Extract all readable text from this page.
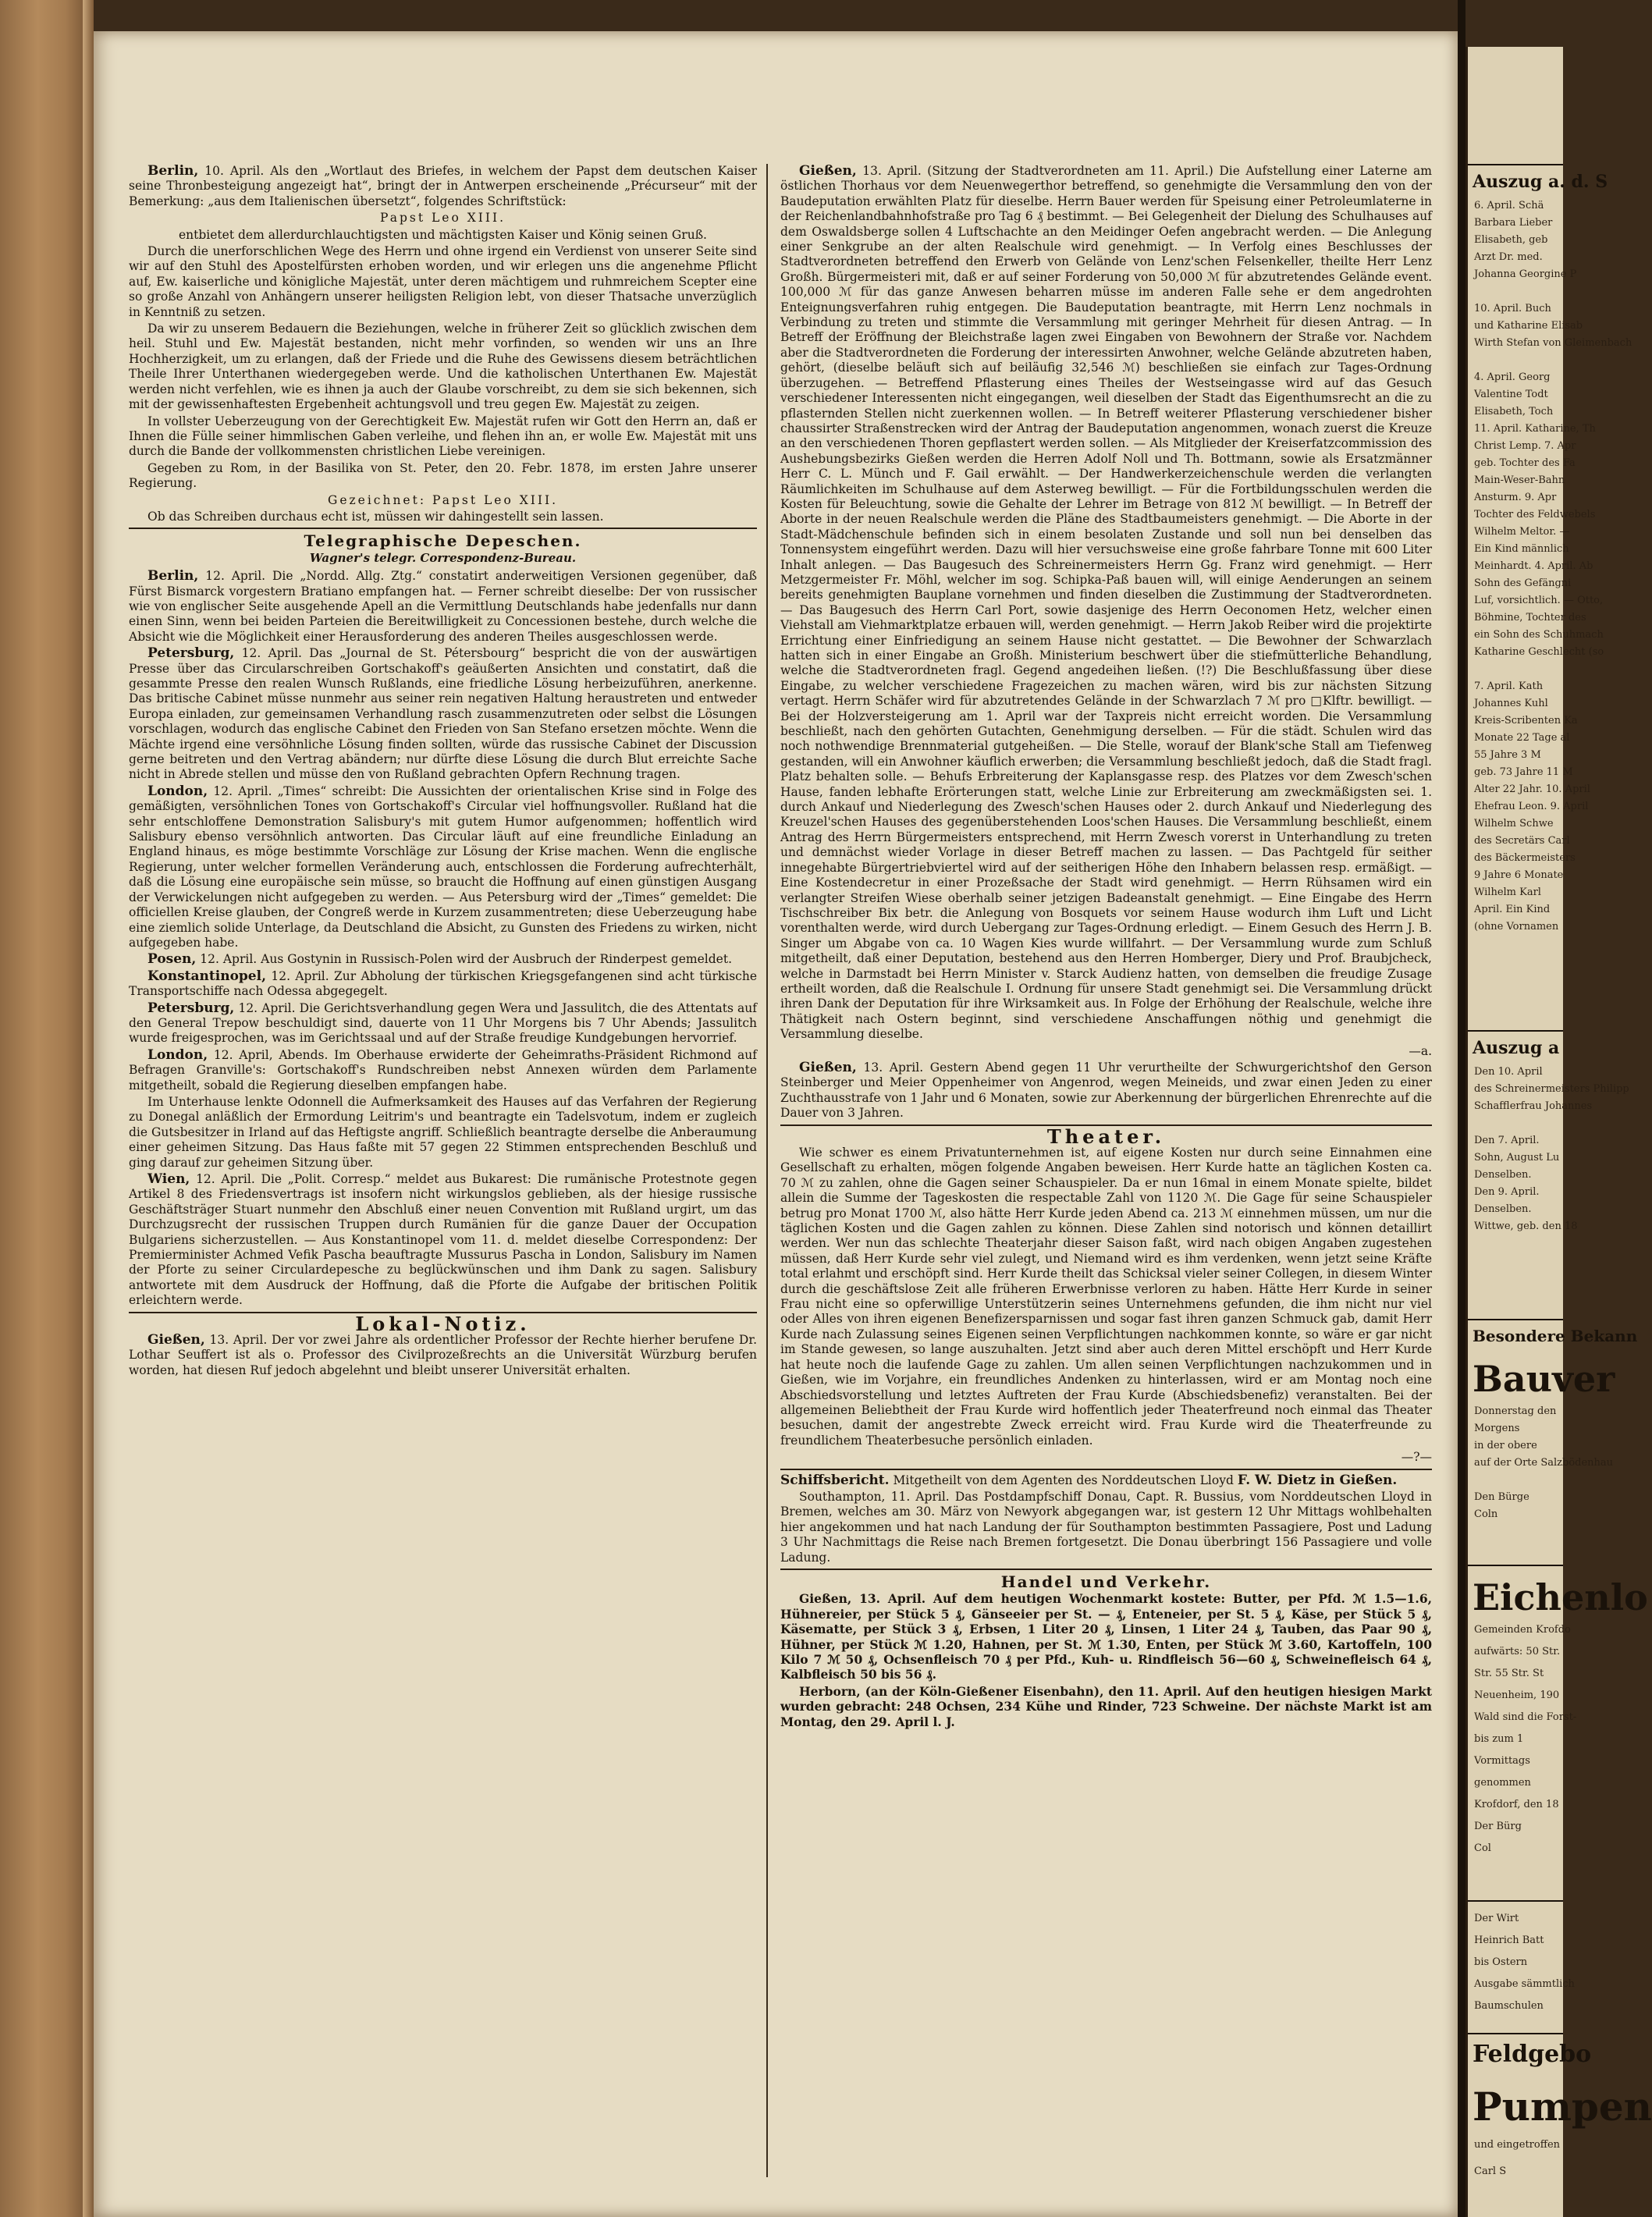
Berlin, 10. April. Als den „Wortlaut des Briefes, in welchem der Papst dem deutschen Kaiser seine Thronbesteigung angezeigt hat“, bringt der in Antwerpen erscheinende „Précurseur“ mit der Bemerkung: „aus dem Italienischen übersetzt“, folgendes Schriftstück:

Papst Leo XIII.

entbietet dem allerdurchlauchtigsten und mächtigsten Kaiser und König seinen Gruß.

Durch die unerforschlichen Wege des Herrn und ohne irgend ein Verdienst von unserer Seite sind wir auf den Stuhl des Apostelfürsten erhoben worden, und wir erlegen uns die angenehme Pflicht auf, Ew. kaiserliche und königliche Majestät, unter deren mächtigem und ruhmreichem Scepter eine so große Anzahl von Anhängern unserer heiligsten Religion lebt, von dieser Thatsache unverzüglich in Kenntniß zu setzen.

Da wir zu unserem Bedauern die Beziehungen, welche in früherer Zeit so glücklich zwischen dem heil. Stuhl und Ew. Majestät bestanden, nicht mehr vorfinden, so wenden wir uns an Ihre Hochherzigkeit, um zu erlangen, daß der Friede und die Ruhe des Gewissens diesem beträchtlichen Theile Ihrer Unterthanen wiedergegeben werde. Und die katholischen Unterthanen Ew. Majestät werden nicht verfehlen, wie es ihnen ja auch der Glaube vorschreibt, zu dem sie sich bekennen, sich mit der gewissenhaftesten Ergebenheit achtungsvoll und treu gegen Ew. Majestät zu zeigen.

In vollster Ueberzeugung von der Gerechtigkeit Ew. Majestät rufen wir Gott den Herrn an, daß er Ihnen die Fülle seiner himmlischen Gaben verleihe, und flehen ihn an, er wolle Ew. Majestät mit uns durch die Bande der vollkommensten christlichen Liebe vereinigen.

Gegeben zu Rom, in der Basilika von St. Peter, den 20. Febr. 1878, im ersten Jahre unserer Regierung.

Gezeichnet: Papst Leo XIII.

Ob das Schreiben durchaus echt ist, müssen wir dahingestellt sein lassen.

Telegraphische Depeschen.
Wagner's telegr. Correspondenz-Bureau.

Berlin, 12. April. Die „Nordd. Allg. Ztg.“ constatirt anderweitigen Versionen gegenüber, daß Fürst Bismarck vorgestern Bratiano empfangen hat. — Ferner schreibt dieselbe: Der von russischer wie von englischer Seite ausgehende Apell an die Vermittlung Deutschlands habe jedenfalls nur dann einen Sinn, wenn bei beiden Parteien die Bereitwilligkeit zu Concessionen bestehe, durch welche die Absicht wie die Möglichkeit einer Herausforderung des anderen Theiles ausgeschlossen werde.

Petersburg, 12. April. Das „Journal de St. Pétersbourg“ bespricht die von der auswärtigen Presse über das Circularschreiben Gortschakoff's geäußerten Ansichten und constatirt, daß die gesammte Presse den realen Wunsch Rußlands, eine friedliche Lösung herbeizuführen, anerkenne. Das britische Cabinet müsse nunmehr aus seiner rein negativen Haltung heraustreten und entweder Europa einladen, zur gemeinsamen Verhandlung rasch zusammenzutreten oder selbst die Lösungen vorschlagen, wodurch das englische Cabinet den Frieden von San Stefano ersetzen möchte. Wenn die Mächte irgend eine versöhnliche Lösung finden sollten, würde das russische Cabinet der Discussion gerne beitreten und den Vertrag abändern; nur dürfte diese Lösung die durch Blut erreichte Sache nicht in Abrede stellen und müsse den von Rußland gebrachten Opfern Rechnung tragen.

London, 12. April. „Times“ schreibt: Die Aussichten der orientalischen Krise sind in Folge des gemäßigten, versöhnlichen Tones von Gortschakoff's Circular viel hoffnungsvoller. Rußland hat die sehr entschloffene Demonstration Salisbury's mit gutem Humor aufgenommen; hoffentlich wird Salisbury ebenso versöhnlich antworten. Das Circular läuft auf eine freundliche Einladung an England hinaus, es möge bestimmte Vorschläge zur Lösung der Krise machen. Wenn die englische Regierung, unter welcher formellen Veränderung auch, entschlossen die Forderung aufrechterhält, daß die Lösung eine europäische sein müsse, so braucht die Hoffnung auf einen günstigen Ausgang der Verwickelungen nicht aufgegeben zu werden. — Aus Petersburg wird der „Times“ gemeldet: Die officiellen Kreise glauben, der Congreß werde in Kurzem zusammentreten; diese Ueberzeugung habe eine ziemlich solide Unterlage, da Deutschland die Absicht, zu Gunsten des Friedens zu wirken, nicht aufgegeben habe.

Posen, 12. April. Aus Gostynin in Russisch-Polen wird der Ausbruch der Rinderpest gemeldet.

Konstantinopel, 12. April. Zur Abholung der türkischen Kriegsgefangenen sind acht türkische Transportschiffe nach Odessa abgegegelt.

Petersburg, 12. April. Die Gerichtsverhandlung gegen Wera und Jassulitch, die des Attentats auf den General Trepow beschuldigt sind, dauerte von 11 Uhr Morgens bis 7 Uhr Abends; Jassulitch wurde freigesprochen, was im Gerichtssaal und auf der Straße freudige Kundgebungen hervorrief.

London, 12. April, Abends. Im Oberhause erwiderte der Geheimraths-Präsident Richmond auf Befragen Granville's: Gortschakoff's Rundschreiben nebst Annexen würden dem Parlamente mitgetheilt, sobald die Regierung dieselben empfangen habe.

Im Unterhause lenkte Odonnell die Aufmerksamkeit des Hauses auf das Verfahren der Regierung zu Donegal anläßlich der Ermordung Leitrim's und beantragte ein Tadelsvotum, indem er zugleich die Gutsbesitzer in Irland auf das Heftigste angriff. Schließlich beantragte derselbe die Anberaumung einer geheimen Sitzung. Das Haus faßte mit 57 gegen 22 Stimmen entsprechenden Beschluß und ging darauf zur geheimen Sitzung über.

Wien, 12. April. Die „Polit. Corresp.“ meldet aus Bukarest: Die rumänische Protestnote gegen Artikel 8 des Friedensvertrags ist insofern nicht wirkungslos geblieben, als der hiesige russische Geschäftsträger Stuart nunmehr den Abschluß einer neuen Convention mit Rußland urgirt, um das Durchzugsrecht der russischen Truppen durch Rumänien für die ganze Dauer der Occupation Bulgariens sicherzustellen. — Aus Konstantinopel vom 11. d. meldet dieselbe Correspondenz: Der Premierminister Achmed Vefik Pascha beauftragte Mussurus Pascha in London, Salisbury im Namen der Pforte zu seiner Circulardepesche zu beglückwünschen und ihm Dank zu sagen. Salisbury antwortete mit dem Ausdruck der Hoffnung, daß die Pforte die Aufgabe der britischen Politik erleichtern werde.

Lokal-Notiz.

Gießen, 13. April. Der vor zwei Jahre als ordentlicher Professor der Rechte hierher berufene Dr. Lothar Seuffert ist als o. Professor des Civilprozeßrechts an die Universität Würzburg berufen worden, hat diesen Ruf jedoch abgelehnt und bleibt unserer Universität erhalten.

Gießen, 13. April. (Sitzung der Stadtverordneten am 11. April.) Die Aufstellung einer Laterne am östlichen Thorhaus vor dem Neuenwegerthor betreffend, so genehmigte die Versammlung den von der Baudeputation erwählten Platz für dieselbe. Herrn Bauer werden für Speisung einer Petroleumlaterne in der Reichenlandbahnhofstraße pro Tag 6 ₰ bestimmt. — Bei Gelegenheit der Dielung des Schulhauses auf dem Oswaldsberge sollen 4 Luftschachte an den Meidinger Oefen angebracht werden. — Die Anlegung einer Senkgrube an der alten Realschule wird genehmigt. — In Verfolg eines Beschlusses der Stadtverordneten betreffend den Erwerb von Gelände von Lenz'schen Felsenkeller, theilte Herr Lenz Großh. Bürgermeisteri mit, daß er auf seiner Forderung von 50,000 ℳ für abzutretendes Gelände event. 100,000 ℳ für das ganze Anwesen beharren müsse im anderen Falle sehe er dem angedrohten Enteignungsverfahren ruhig entgegen. Die Baudeputation beantragte, mit Herrn Lenz nochmals in Verbindung zu treten und stimmte die Versammlung mit geringer Mehrheit für diesen Antrag. — In Betreff der Eröffnung der Bleichstraße lagen zwei Eingaben von Bewohnern der Straße vor. Nachdem aber die Stadtverordneten die Forderung der interessirten Anwohner, welche Gelände abzutreten haben, gehört, (dieselbe beläuft sich auf beiläufig 32,546 ℳ) beschließen sie einfach zur Tages-Ordnung überzugehen. — Betreffend Pflasterung eines Theiles der Westseingasse wird auf das Gesuch verschiedener Interessenten nicht eingegangen, weil dieselben der Stadt das Eigenthumsrecht an die zu pflasternden Stellen nicht zuerkennen wollen. — In Betreff weiterer Pflasterung verschiedener bisher chaussirter Straßenstrecken wird der Antrag der Baudeputation angenommen, wonach zuerst die Kreuze an den verschiedenen Thoren gepflastert werden sollen. — Als Mitglieder der Kreiserfatzcommission des Aushebungsbezirks Gießen werden die Herren Adolf Noll und Th. Bottmann, sowie als Ersatzmänner Herr C. L. Münch und F. Gail erwählt. — Der Handwerkerzeichenschule werden die verlangten Räumlichkeiten im Schulhause auf dem Asterweg bewilligt. — Für die Fortbildungsschulen werden die Kosten für Beleuchtung, sowie die Gehalte der Lehrer im Betrage von 812 ℳ bewilligt. — In Betreff der Aborte in der neuen Realschule werden die Pläne des Stadtbaumeisters genehmigt. — Die Aborte in der Stadt-Mädchenschule befinden sich in einem besolaten Zustande und soll nun bei denselben das Tonnensystem eingeführt werden. Dazu will hier versuchsweise eine große fahrbare Tonne mit 600 Liter Inhalt anlegen. — Das Baugesuch des Schreinermeisters Herrn Gg. Franz wird genehmigt. — Herr Metzgermeister Fr. Möhl, welcher im sog. Schipka-Paß bauen will, will einige Aenderungen an seinem bereits genehmigten Bauplane vornehmen und finden dieselben die Zustimmung der Stadtverordneten. — Das Baugesuch des Herrn Carl Port, sowie dasjenige des Herrn Oeconomen Hetz, welcher einen Viehstall am Viehmarktplatze erbauen will, werden genehmigt. — Herrn Jakob Reiber wird die projektirte Errichtung einer Einfriedigung an seinem Hause nicht gestattet. — Die Bewohner der Schwarzlach hatten sich in einer Eingabe an Großh. Ministerium beschwert über die stiefmütterliche Behandlung, welche die Stadtverordneten fragl. Gegend angedeihen ließen. (!?) Die Beschlußfassung über diese Eingabe, zu welcher verschiedene Fragezeichen zu machen wären, wird bis zur nächsten Sitzung vertagt. Herrn Schäfer wird für abzutretendes Gelände in der Schwarzlach 7 ℳ pro □Klftr. bewilligt. — Bei der Holzversteigerung am 1. April war der Taxpreis nicht erreicht worden. Die Versammlung beschließt, nach den gehörten Gutachten, Genehmigung derselben. — Für die städt. Schulen wird das noch nothwendige Brennmaterial gutgeheißen. — Die Stelle, worauf der Blank'sche Stall am Tiefenweg gestanden, will ein Anwohner käuflich erwerben; die Versammlung beschließt jedoch, daß die Stadt fragl. Platz behalten solle. — Behufs Erbreiterung der Kaplansgasse resp. des Platzes vor dem Zwesch'schen Hause, fanden lebhafte Erörterungen statt, welche Linie zur Erbreiterung am zweckmäßigsten sei. 1. durch Ankauf und Niederlegung des Zwesch'schen Hauses oder 2. durch Ankauf und Niederlegung des Kreuzel'schen Hauses des gegenüberstehenden Loos'schen Hauses. Die Versammlung beschließt, einem Antrag des Herrn Bürgermeisters entsprechend, mit Herrn Zwesch vorerst in Unterhandlung zu treten und demnächst wieder Vorlage in dieser Betreff machen zu lassen. — Das Pachtgeld für seither innegehabte Bürgertriebviertel wird auf der seitherigen Höhe den Inhabern belassen resp. ermäßigt. — Eine Kostendecretur in einer Prozeßsache der Stadt wird genehmigt. — Herrn Rühsamen wird ein verlangter Streifen Wiese oberhalb seiner jetzigen Badeanstalt genehmigt. — Eine Eingabe des Herrn Tischschreiber Bix betr. die Anlegung von Bosquets vor seinem Hause wodurch ihm Luft und Licht vorenthalten werde, wird durch Uebergang zur Tages-Ordnung erledigt. — Einem Gesuch des Herrn J. B. Singer um Abgabe von ca. 10 Wagen Kies wurde willfahrt. — Der Versammlung wurde zum Schluß mitgetheilt, daß einer Deputation, bestehend aus den Herren Homberger, Diery und Prof. Braubjcheck, welche in Darmstadt bei Herrn Minister v. Starck Audienz hatten, von demselben die freudige Zusage ertheilt worden, daß die Realschule I. Ordnung für unsere Stadt genehmigt sei. Die Versammlung drückt ihren Dank der Deputation für ihre Wirksamkeit aus. In Folge der Erhöhung der Realschule, welche ihre Thätigkeit nach Ostern beginnt, sind verschiedene Anschaffungen nöthig und genehmigt die Versammlung dieselbe.

—a.

Gießen, 13. April. Gestern Abend gegen 11 Uhr verurtheilte der Schwurgerichtshof den Gerson Steinberger und Meier Oppenheimer von Angenrod, wegen Meineids, und zwar einen Jeden zu einer Zuchthausstrafe von 1 Jahr und 6 Monaten, sowie zur Aberkennung der bürgerlichen Ehrenrechte auf die Dauer von 3 Jahren.

Theater.

Wie schwer es einem Privatunternehmen ist, auf eigene Kosten nur durch seine Einnahmen eine Gesellschaft zu erhalten, mögen folgende Angaben beweisen. Herr Kurde hatte an täglichen Kosten ca. 70 ℳ zu zahlen, ohne die Gagen seiner Schauspieler. Da er nun 16mal in einem Monate spielte, bildet allein die Summe der Tageskosten die respectable Zahl von 1120 ℳ. Die Gage für seine Schauspieler betrug pro Monat 1700 ℳ, also hätte Herr Kurde jeden Abend ca. 213 ℳ einnehmen müssen, um nur die täglichen Kosten und die Gagen zahlen zu können. Diese Zahlen sind notorisch und können detaillirt werden. Wer nun das schlechte Theaterjahr dieser Saison faßt, wird nach obigen Angaben zugestehen müssen, daß Herr Kurde sehr viel zulegt, und Niemand wird es ihm verdenken, wenn jetzt seine Kräfte total erlahmt und erschöpft sind. Herr Kurde theilt das Schicksal vieler seiner Collegen, in diesem Winter durch die geschäftslose Zeit alle früheren Erwerbnisse verloren zu haben. Hätte Herr Kurde in seiner Frau nicht eine so opferwillige Unterstützerin seines Unternehmens gefunden, die ihm nicht nur viel oder Alles von ihren eigenen Benefizersparnissen und sogar fast ihren ganzen Schmuck gab, damit Herr Kurde nach Zulassung seines Eigenen seinen Verpflichtungen nachkommen konnte, so wäre er gar nicht im Stande gewesen, so lange auszuhalten. Jetzt sind aber auch deren Mittel erschöpft und Herr Kurde hat heute noch die laufende Gage zu zahlen. Um allen seinen Verpflichtungen nachzukommen und in Gießen, wie im Vorjahre, ein freundliches Andenken zu hinterlassen, wird er am Montag noch eine Abschiedsvorstellung und letztes Auftreten der Frau Kurde (Abschiedsbenefiz) veranstalten. Bei der allgemeinen Beliebtheit der Frau Kurde wird hoffentlich jeder Theaterfreund noch einmal das Theater besuchen, damit der angestrebte Zweck erreicht wird. Frau Kurde wird die Theaterfreunde zu freundlichem Theaterbesuche persönlich einladen.

—?—

Schiffsbericht. Mitgetheilt von dem Agenten des Norddeutschen Lloyd F. W. Dietz in Gießen.

Southampton, 11. April. Das Postdampfschiff Donau, Capt. R. Bussius, vom Norddeutschen Lloyd in Bremen, welches am 30. März von Newyork abgegangen war, ist gestern 12 Uhr Mittags wohlbehalten hier angekommen und hat nach Landung der für Southampton bestimmten Passagiere, Post und Ladung 3 Uhr Nachmittags die Reise nach Bremen fortgesetzt. Die Donau überbringt 156 Passagiere und volle Ladung.

Handel und Verkehr.

Gießen, 13. April. Auf dem heutigen Wochenmarkt kostete: Butter, per Pfd. ℳ 1.5—1.6, Hühnereier, per Stück 5 ₰, Gänseeier per St. — ₰, Enteneier, per St. 5 ₰, Käse, per Stück 5 ₰, Käsematte, per Stück 3 ₰, Erbsen, 1 Liter 20 ₰, Linsen, 1 Liter 24 ₰, Tauben, das Paar 90 ₰, Hühner, per Stück ℳ 1.20, Hahnen, per St. ℳ 1.30, Enten, per Stück ℳ 3.60, Kartoffeln, 100 Kilo 7 ℳ 50 ₰, Ochsenfleisch 70 ₰ per Pfd., Kuh- u. Rindfleisch 56—60 ₰, Schweinefleisch 64 ₰, Kalbfleisch 50 bis 56 ₰.

Herborn, (an der Köln-Gießener Eisenbahn), den 11. April. Auf den heutigen hiesigen Markt wurden gebracht: 248 Ochsen, 234 Kühe und Rinder, 723 Schweine. Der nächste Markt ist am Montag, den 29. April l. J.

Auszug a. d. S
6. April. Schä
Barbara Lieber
Elisabeth, geb
Arzt Dr. med.
Johanna Georgine P
10. April. Buch
und Katharine Elisab
Wirth Stefan von Gleimenbach
4. April. Georg
Valentine Todt
Elisabeth, Toch
11. April. Katharine, Th
Christ Lemp. 7. Apr
geb. Tochter des Fa
Main-Weser-Bahn
Ansturm. 9. Apr
Tochter des Feldwebels
Wilhelm Meltor. —
Ein Kind männlich
Meinhardt. 4. April. Ab
Sohn des Gefängni
Luf, vorsichtlich. — Otto,
Böhmine, Tochter des
ein Sohn des Schuhmach
Katharine Geschlecht (so
7. April. Kath
Johannes Kuhl
Kreis-Scribenten Ka
Monate 22 Tage al
55 Jahre 3 M
geb. 73 Jahre 11 M
Alter 22 Jahr. 10. April
Ehefrau Leon. 9. April
Wilhelm Schwe
des Secretärs Carl
des Bäckermeisters
9 Jahre 6 Monate
Wilhelm Karl
April. Ein Kind
(ohne Vornamen
Auszug a
Den 10. April
des Schreinermeisters Philipp
Schafflerfrau Johannes
Den 7. April.
Sohn, August Lu
Denselben.
Den 9. April.
Denselben.
Wittwe, geb. den 18
Besondere Bekann
Bauver
Donnerstag den
Morgens
in der obere
auf der Orte Salzbödenhau
Den Bürge
Coln
Eichenlo
Gemeinden Krofdo
aufwärts: 50 Str.
Str. 55 Str. St
Neuenheim, 190
Wald sind die Forst-
bis zum 1
Vormittags
genommen
Krofdorf, den 18
Der Bürg
Col
Der Wirt
Heinrich Batt
bis Ostern
Ausgabe sämmtlich
Baumschulen
Feldgebo
Pumpen
und eingetroffen
Carl S
